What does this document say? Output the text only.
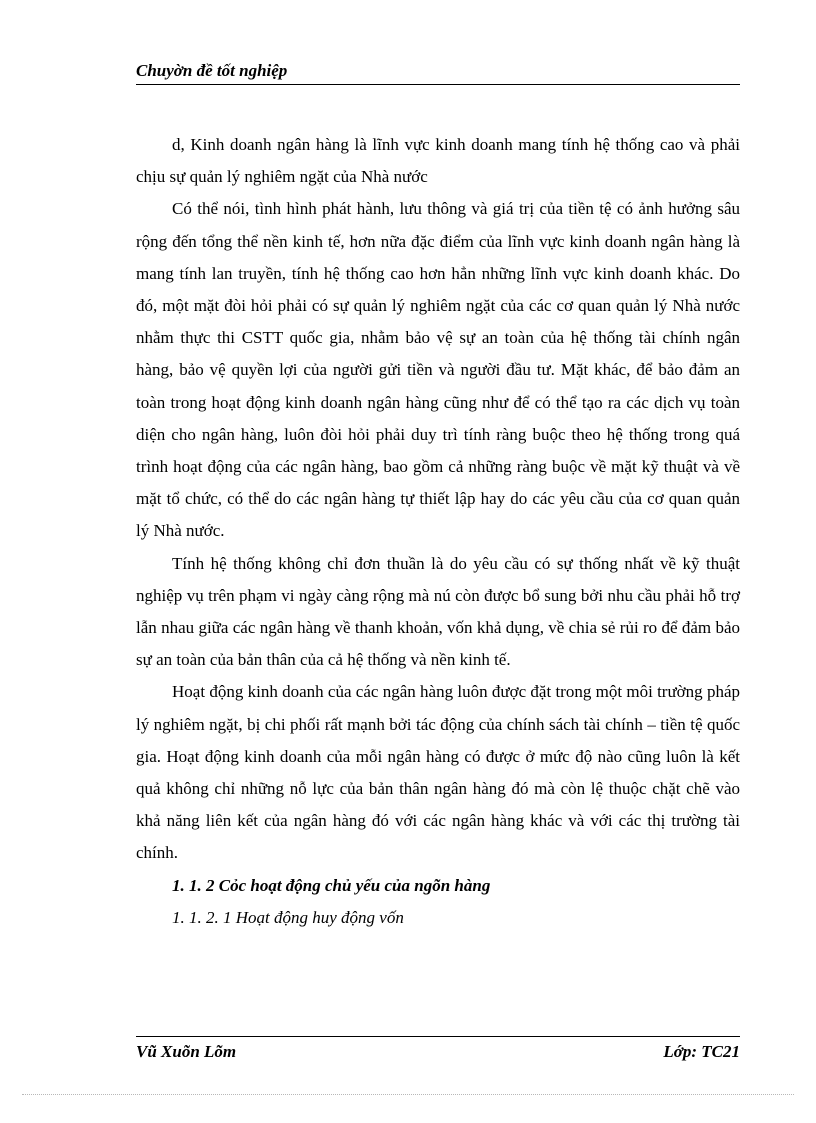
Chuyờn đề tốt nghiệp

d, Kinh doanh ngân hàng là lĩnh vực kinh doanh mang tính hệ thống cao và phải chịu sự quản lý nghiêm ngặt của Nhà nước

Có thể nói, tình hình phát hành, lưu thông và giá trị của tiền tệ có ảnh hưởng sâu rộng đến tổng thể nền kinh tế, hơn nữa đặc điểm của lĩnh vực kinh doanh ngân hàng là mang tính lan truyền, tính hệ thống cao hơn hẳn những lĩnh vực kinh doanh khác. Do đó, một mặt đòi hỏi phải có sự quản lý nghiêm ngặt của các cơ quan quản lý Nhà nước nhằm thực thi CSTT quốc gia, nhằm bảo vệ sự an toàn của hệ thống tài chính ngân hàng, bảo vệ quyền lợi của người gửi tiền và người đầu tư. Mặt khác, để bảo đảm an toàn trong hoạt động kinh doanh ngân hàng cũng như để có thể tạo ra các dịch vụ toàn diện cho ngân hàng, luôn đòi hỏi phải duy trì tính ràng buộc theo hệ thống trong quá trình hoạt động của các ngân hàng, bao gồm cả những ràng buộc về mặt kỹ thuật và về mặt tổ chức, có thể do các ngân hàng tự thiết lập hay do các yêu cầu của cơ quan quản lý Nhà nước.

Tính hệ thống không chỉ đơn thuần là do yêu cầu có sự thống nhất về kỹ thuật nghiệp vụ trên phạm vi ngày càng rộng mà nú còn được bổ sung bởi nhu cầu phải hỗ trợ lẫn nhau giữa các ngân hàng về thanh khoản, vốn khả dụng, về chia sẻ rủi ro để đảm bảo sự an toàn của bản thân của cả hệ thống và nền kinh tế.

Hoạt động kinh doanh của các ngân hàng luôn được đặt trong một môi trường pháp lý nghiêm ngặt, bị chi phối rất mạnh bởi tác động của chính sách tài chính – tiền tệ quốc gia. Hoạt động kinh doanh của mỗi ngân hàng có được ở mức độ nào cũng luôn là kết quả không chỉ những nỗ lực của bản thân ngân hàng đó mà còn lệ thuộc chặt chẽ vào khả năng liên kết của ngân hàng đó với các ngân hàng khác và với các thị trường tài chính.

1. 1. 2 Cỏc hoạt động chủ yếu của ngõn hàng

1. 1. 2. 1 Hoạt động huy động vốn

Vũ Xuõn Lõm	Lớp: TC21
